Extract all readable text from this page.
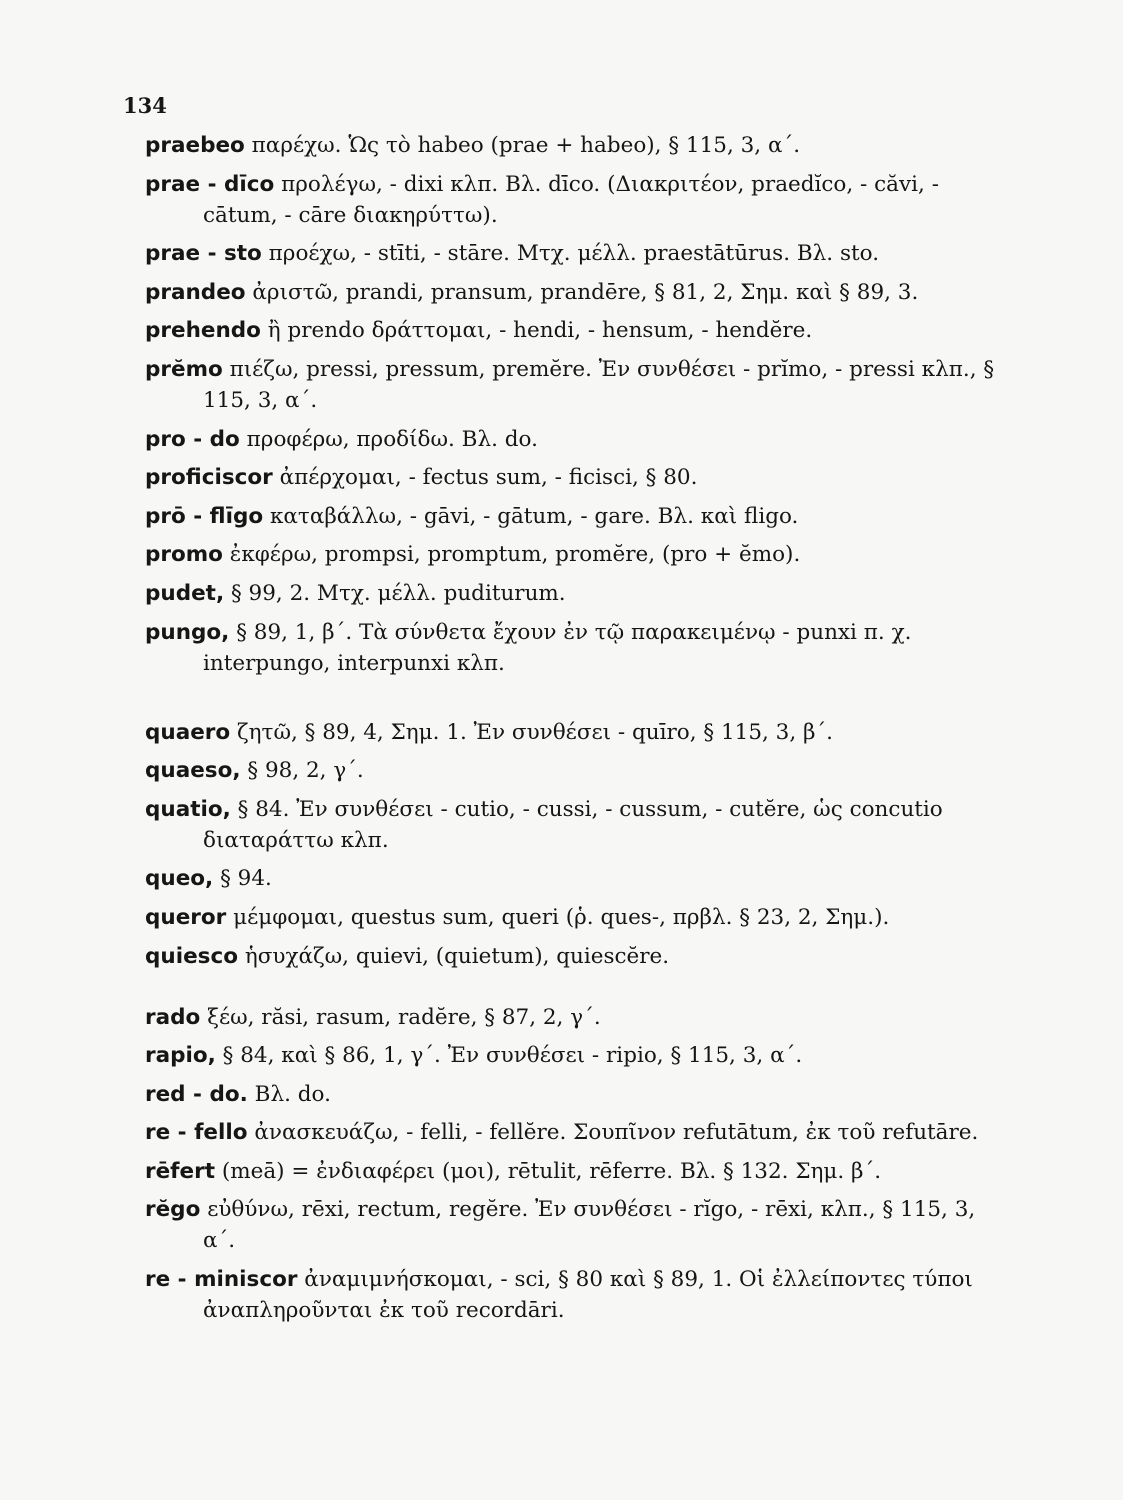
134
praebeo παρέχω. Ὡς τὸ habeo (prae + habeo), § 115, 3, α΄.
prae - dīco προλέγω, - dixi κλπ. Βλ. dīco. (Διακριτέον, praedĭco, - căvi, - cātum, - cāre διακηρύττω).
prae - sto προέχω, - stīti, - stāre. Μτχ. μέλλ. praestātūrus. Βλ. sto.
prandeo ἀριστῶ, prandi, pransum, prandēre, § 81, 2, Σημ. καὶ § 89, 3.
prehendo ἢ prendo δράττομαι, - hendi, - hensum, - hendĕre.
prĕmo πιέζω, pressi, pressum, premĕre. Ἐν συνθέσει - prĭmo, - pressi κλπ., § 115, 3, α΄.
pro - do προφέρω, προδίδω. Βλ. do.
proficiscor ἀπέρχομαι, - fectus sum, - ficisci, § 80.
prō - flīgo καταβάλλω, - gāvi, - gātum, - gare. Βλ. καὶ fligo.
promo ἐκφέρω, prompsi, promptum, promĕre, (pro + ĕmo).
pudet, § 99, 2. Μτχ. μέλλ. puditurum.
pungo, § 89, 1, β΄. Τὰ σύνθετα ἔχουν ἐν τῷ παρακειμένῳ - punxi π. χ. interpungo, interpunxi κλπ.
quaero ζητῶ, § 89, 4, Σημ. 1. Ἐν συνθέσει - quīro, § 115, 3, β΄.
quaeso, § 98, 2, γ΄.
quatio, § 84. Ἐν συνθέσει - cutio, - cussi, - cussum, - cutĕre, ὡς concutio διαταράττω κλπ.
queo, § 94.
queror μέμφομαι, questus sum, queri (ῥ. ques-, πρβλ. § 23, 2, Σημ.).
quiesco ἡσυχάζω, quievi, (quietum), quiescĕre.
rado ξέω, răsi, rasum, radĕre, § 87, 2, γ΄.
rapio, § 84, καὶ § 86, 1, γ΄. Ἐν συνθέσει - ripio, § 115, 3, α΄.
red - do. Βλ. do.
re - fello ἀνασκευάζω, - felli, - fellĕre. Σουπῖνον refutātum, ἐκ τοῦ refutāre.
rēfert (meā) = ἐνδιαφέρει (μοι), rētulit, rēferre. Βλ. § 132. Σημ. β΄.
rĕgo εὐθύνω, rēxi, rectum, regĕre. Ἐν συνθέσει - rĭgo, - rēxi, κλπ., § 115, 3, α΄.
re - miniscor ἀναμιμνήσκομαι, - sci, § 80 καὶ § 89, 1. Οἱ ἐλλείποντες τύποι ἀναπληροῦνται ἐκ τοῦ recordāri.
